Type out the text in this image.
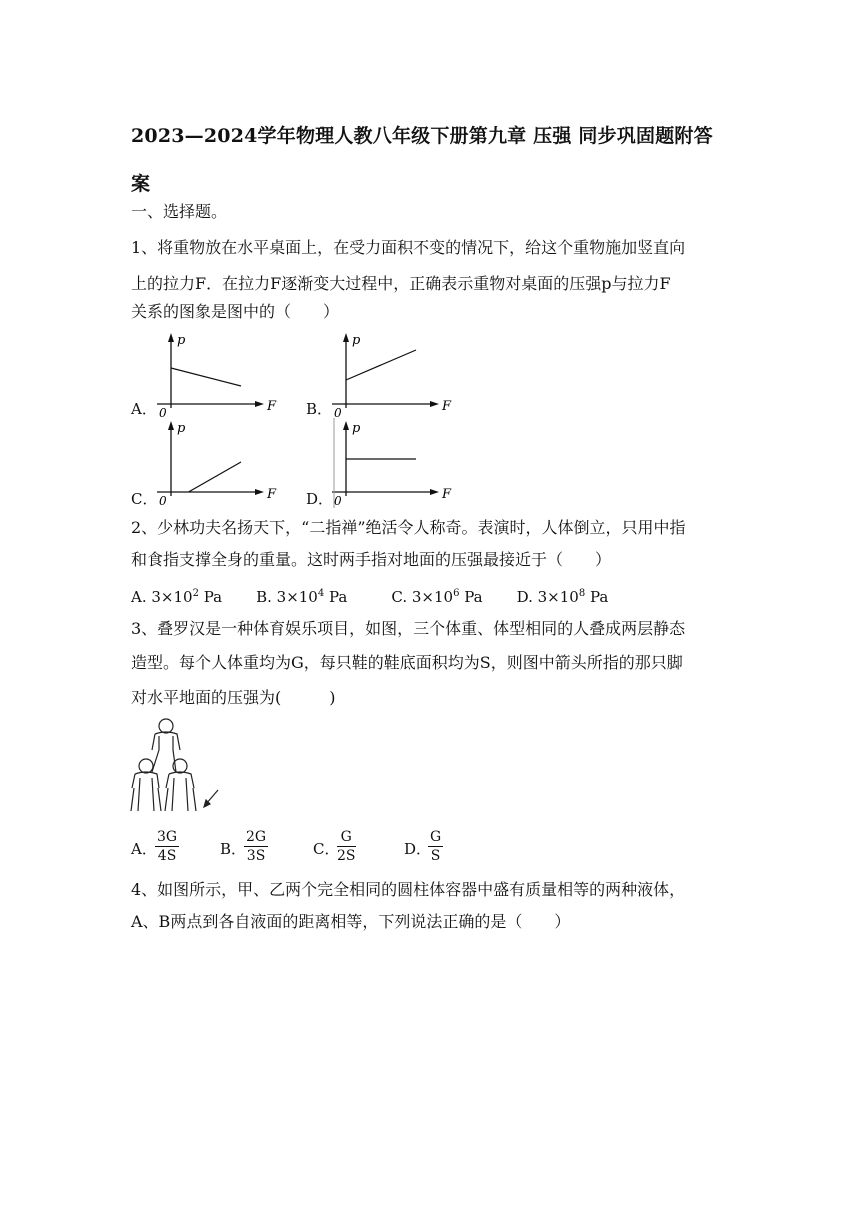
2023—2024学年物理人教八年级下册第九章 压强 同步巩固题附答案
一、选择题。
1、将重物放在水平桌面上，在受力面积不变的情况下，给这个重物施加竖直向
上的拉力F．在拉力F逐渐变大过程中，正确表示重物对桌面的压强p与拉力F
关系的图象是图中的（　　）
A．	B．
C．	D．
p
F
0
p
F
0
p
F
0
p
F
0
2、少林功夫名扬天下，“二指禅”绝活令人称奇。表演时，人体倒立，只用中指
和食指支撑全身的重量。这时两手指对地面的压强最接近于（　　）
A. $3\times 10^2$ Pa B. $3\times 10^4$ Pa	C. $3\times 10^6$ Pa D. $3\times 10^8$ Pa
3、叠罗汉是一种体育娱乐项目，如图，三个体重、体型相同的人叠成两层静态
造型。每个人体重均为G，每只鞋的鞋底面积均为S，则图中箭头所指的那只脚
对水平地面的压强为(　　　)
A．
$\frac{3G}{4S}$	B．
$\frac{2G}{3S}$	C．
$\frac{G}{2S}$	D．
$\frac{G}{S}$
4、如图所示，甲、乙两个完全相同的圆柱体容器中盛有质量相等的两种液体，
A、B两点到各自液面的距离相等，下列说法正确的是（　　）
